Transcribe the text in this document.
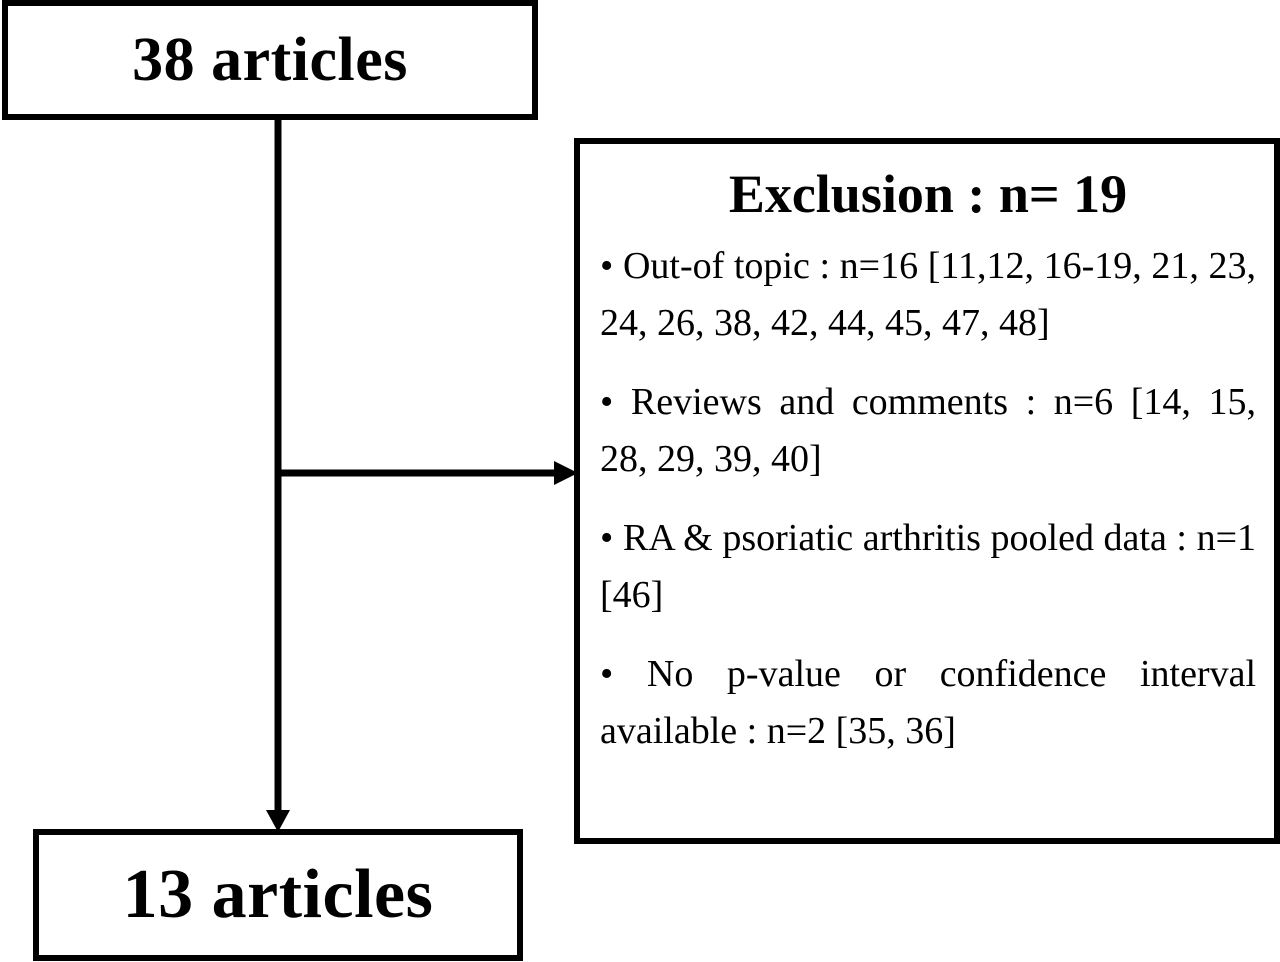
38 articles
Exclusion : n= 19
• Out-of topic : n=16 [11,12, 16-19, 21, 23, 24, 26, 38, 42, 44, 45, 47, 48]
• Reviews and comments : n=6 [14, 15, 28, 29, 39, 40]
• RA & psoriatic arthritis pooled data : n=1 [46]
• No p-value or confidence interval available : n=2 [35, 36]
13 articles
